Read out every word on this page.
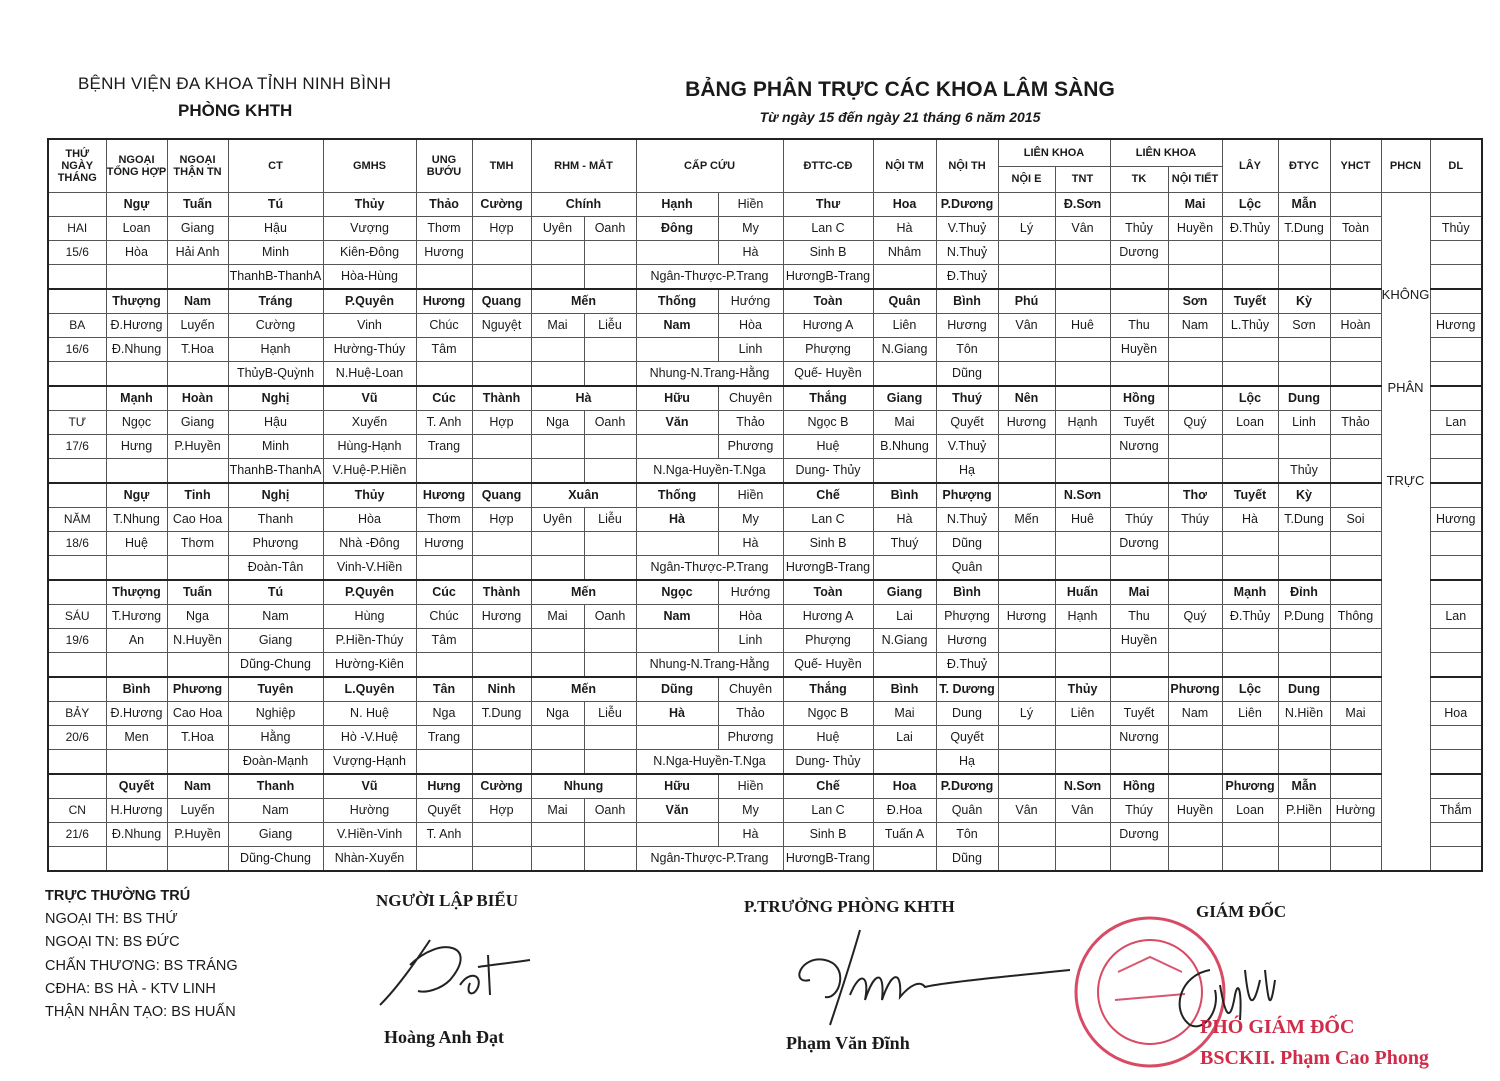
BỆNH VIỆN ĐA KHOA TỈNH NINH BÌNH
PHÒNG KHTH
BẢNG PHÂN TRỰC CÁC KHOA LÂM SÀNG
Từ ngày 15 đến ngày 21 tháng 6 năm 2015
THỨ NGÀY THÁNG	NGOẠI TỔNG HỢP	NGOẠI THẬN TN	CT	GMHS	UNG BƯỚU	TMH	RHM - MẮT		CẤP CỨU		ĐTTC-CĐ	NỘI TM	NỘI TH	LIÊN KHOA		LIÊN KHOA		LÂY	ĐTYC	YHCT	PHCN	DL
														NỘI E	TNT	TK	NỘI TIẾT					
	Ngự	Tuấn	Tú	Thủy	Thảo	Cường	Chính		Hạnh	Hiền	Thư	Hoa	P.Dương		Đ.Sơn		Mai	Lộc	Mẫn		KHÔNG
PHÂN
TRỰC	

HAI	Loan	Giang	Hậu	Vượng	Thơm	Hợp	Uyên	Oanh	Đông	My	Lan C	Hà	V.Thuỷ	Lý	Vân	Thủy	Huyền	Đ.Thủy	T.Dung	Toàn		Thủy
15/6	Hòa	Hải Anh	Minh	Kiên-Đông	Hương					Hà	Sinh B	Nhâm	N.Thuỷ			Dương						
			ThanhB-ThanhA	Hòa-Hùng					Ngân-Thược-P.Trang		HươngB-Trang		Đ.Thuỷ									
	Thượng	Nam	Tráng	P.Quyên	Hương	Quang	Mến		Thống	Hướng	Toàn	Quân	Bình	Phú			Sơn	Tuyết	Kỳ			
BA	Đ.Hương	Luyến	Cường	Vinh	Chúc	Nguyệt	Mai	Liễu	Nam	Hòa	Hương A	Liên	Hương	Vân	Huê	Thu	Nam	L.Thủy	Sơn	Hoàn		Hương
16/6	Đ.Nhung	T.Hoa	Hạnh	Hường-Thúy	Tâm					Linh	Phượng	N.Giang	Tôn			Huyền						
			ThủyB-Quỳnh	N.Huệ-Loan					Nhung-N.Trang-Hằng		Quế- Huyền		Dũng									
	Mạnh	Hoàn	Nghị	Vũ	Cúc	Thành	Hà		Hữu	Chuyên	Thắng	Giang	Thuý	Nên		Hồng		Lộc	Dung			
TƯ	Ngọc	Giang	Hậu	Xuyến	T. Anh	Hợp	Nga	Oanh	Văn	Thảo	Ngọc B	Mai	Quyết	Hương	Hạnh	Tuyết	Quý	Loan	Linh	Thảo		Lan
17/6	Hưng	P.Huyền	Minh	Hùng-Hạnh	Trang					Phương	Huệ	B.Nhung	V.Thuỷ			Nương						
			ThanhB-ThanhA	V.Huệ-P.Hiền					N.Nga-Huyền-T.Nga		Dung- Thủy		Hạ						Thủy			
	Ngự	Tinh	Nghị	Thủy	Hương	Quang	Xuân		Thống	Hiền	Chế	Bình	Phượng		N.Sơn		Thơ	Tuyết	Kỳ			
NĂM	T.Nhung	Cao Hoa	Thanh	Hòa	Thơm	Hợp	Uyên	Liễu	Hà	My	Lan C	Hà	N.Thuỷ	Mến	Huê	Thúy	Thúy	Hà	T.Dung	Soi		Hương
18/6	Huệ	Thơm	Phương	Nhà -Đông	Hương					Hà	Sinh B	Thuý	Dũng			Dương						
			Đoàn-Tân	Vinh-V.Hiền					Ngân-Thược-P.Trang		HươngB-Trang		Quân									
	Thượng	Tuấn	Tú	P.Quyên	Cúc	Thành	Mến		Ngọc	Hướng	Toàn	Giang	Bình		Huấn	Mai		Mạnh	Đỉnh			
SÁU	T.Hương	Nga	Nam	Hùng	Chúc	Hương	Mai	Oanh	Nam	Hòa	Hương A	Lai	Phượng	Hương	Hạnh	Thu	Quý	Đ.Thủy	P.Dung	Thông		Lan
19/6	An	N.Huyền	Giang	P.Hiền-Thúy	Tâm					Linh	Phượng	N.Giang	Hương			Huyền						
			Dũng-Chung	Hường-Kiên					Nhung-N.Trang-Hằng		Quế- Huyền		Đ.Thuỷ									
	Bình	Phương	Tuyên	L.Quyên	Tân	Ninh	Mến		Dũng	Chuyên	Thắng	Bình	T. Dương		Thủy		Phương	Lộc	Dung			
BẢY	Đ.Hương	Cao Hoa	Nghiệp	N. Huệ	Nga	T.Dung	Nga	Liễu	Hà	Thảo	Ngọc B	Mai	Dung	Lý	Liên	Tuyết	Nam	Liên	N.Hiền	Mai		Hoa
20/6	Men	T.Hoa	Hằng	Hò -V.Huệ	Trang					Phương	Huệ	Lai	Quyết			Nương						
			Đoàn-Mạnh	Vượng-Hạnh					N.Nga-Huyền-T.Nga		Dung- Thủy		Hạ									
	Quyết	Nam	Thanh	Vũ	Hưng	Cường	Nhung		Hữu	Hiền	Chế	Hoa	P.Dương		N.Sơn	Hồng		Phương	Mẫn			
CN	H.Hương	Luyến	Nam	Hường	Quyết	Hợp	Mai	Oanh	Văn	My	Lan C	Đ.Hoa	Quân	Vân	Vân	Thúy	Huyền	Loan	P.Hiền	Hường		Thắm
21/6	Đ.Nhung	P.Huyền	Giang	V.Hiền-Vinh	T. Anh					Hà	Sinh B	Tuấn A	Tôn			Dương						
			Dũng-Chung	Nhàn-Xuyến					Ngân-Thược-P.Trang		HươngB-Trang		Dũng									
TRỰC THƯỜNG TRÚ
NGOẠI TH: BS THỨ
NGOẠI TN: BS ĐỨC
CHẤN THƯƠNG: BS TRÁNG
CĐHA: BS HÀ - KTV LINH
THẬN NHÂN TẠO: BS HUẤN
NGƯỜI LẬP BIỂU
Hoàng Anh Đạt
P.TRƯỞNG PHÒNG KHTH
Phạm Văn Đĩnh
GIÁM ĐỐC
PHÓ GIÁM ĐỐC
BSCKII. Phạm Cao Phong
